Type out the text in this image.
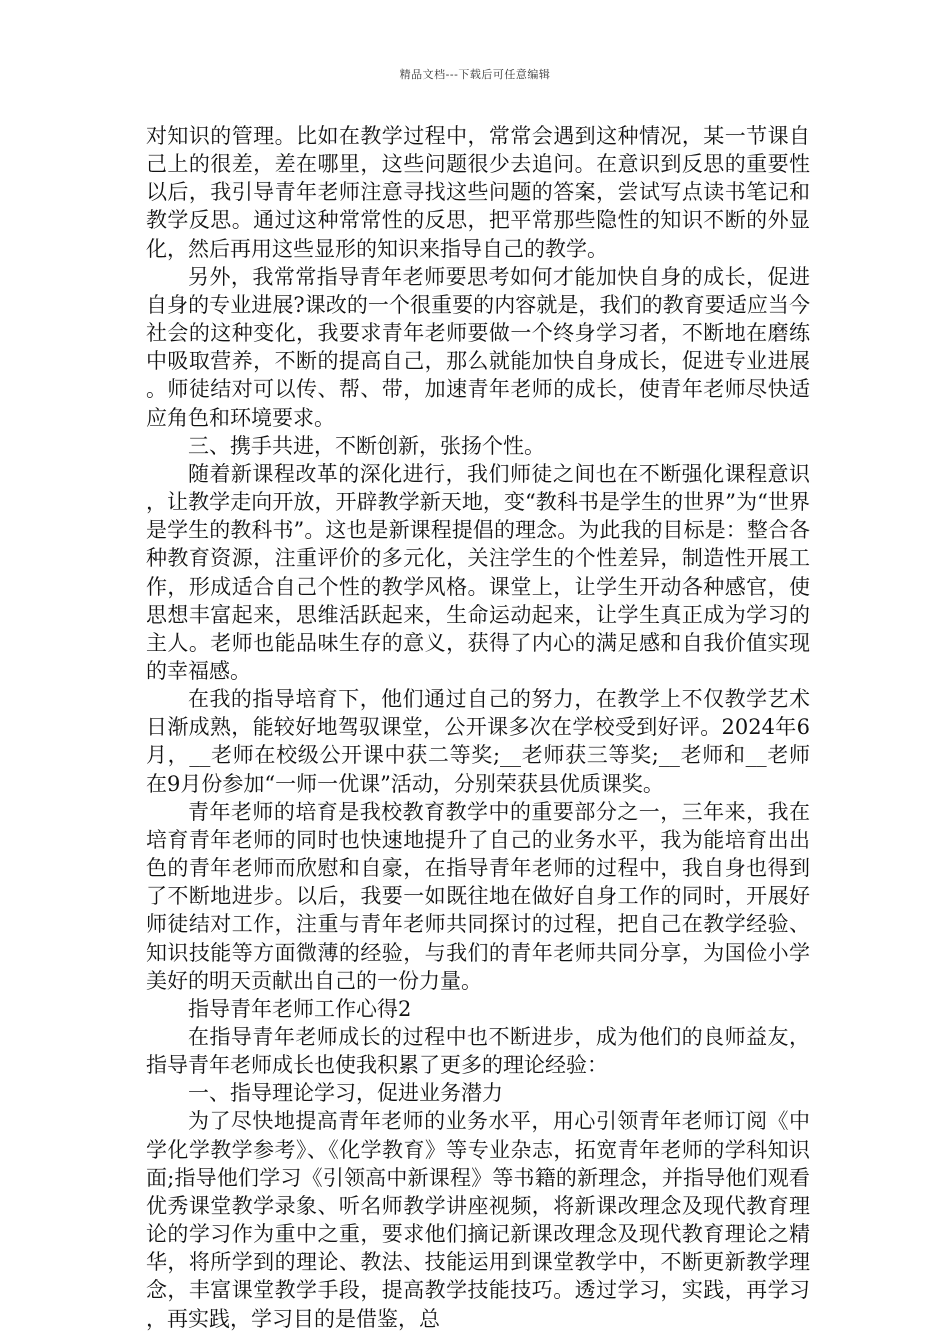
精品文档---下载后可任意编辑

对知识的管理。比如在教学过程中，常常会遇到这种情况，某一节课自己上的很差，差在哪里，这些问题很少去追问。在意识到反思的重要性以后，我引导青年老师注意寻找这些问题的答案，尝试写点读书笔记和教学反思。通过这种常常性的反思，把平常那些隐性的知识不断的外显化，然后再用这些显形的知识来指导自己的教学。

另外，我常常指导青年老师要思考如何才能加快自身的成长，促进自身的专业进展?课改的一个很重要的内容就是，我们的教育要适应当今社会的这种变化，我要求青年老师要做一个终身学习者，不断地在磨练中吸取营养，不断的提高自己，那么就能加快自身成长，促进专业进展。师徒结对可以传、帮、带，加速青年老师的成长，使青年老师尽快适应角色和环境要求。

三、携手共进，不断创新，张扬个性。

随着新课程改革的深化进行，我们师徒之间也在不断强化课程意识，让教学走向开放，开辟教学新天地，变“教科书是学生的世界”为“世界是学生的教科书”。这也是新课程提倡的理念。为此我的目标是：整合各种教育资源，注重评价的多元化，关注学生的个性差异，制造性开展工作，形成适合自己个性的教学风格。课堂上，让学生开动各种感官，使思想丰富起来，思维活跃起来，生命运动起来，让学生真正成为学习的主人。老师也能品味生存的意义，获得了内心的满足感和自我价值实现的幸福感。

在我的指导培育下，他们通过自己的努力，在教学上不仅教学艺术日渐成熟，能较好地驾驭课堂，公开课多次在学校受到好评。2024年6月，__老师在校级公开课中获二等奖;__老师获三等奖;__老师和__老师在9月份参加“一师一优课”活动，分别荣获县优质课奖。

青年老师的培育是我校教育教学中的重要部分之一，三年来，我在培育青年老师的同时也快速地提升了自己的业务水平，我为能培育出出色的青年老师而欣慰和自豪，在指导青年老师的过程中，我自身也得到了不断地进步。以后，我要一如既往地在做好自身工作的同时，开展好师徒结对工作，注重与青年老师共同探讨的过程，把自己在教学经验、知识技能等方面微薄的经验，与我们的青年老师共同分享，为国俭小学美好的明天贡献出自己的一份力量。

指导青年老师工作心得2

在指导青年老师成长的过程中也不断进步，成为他们的良师益友，指导青年老师成长也使我积累了更多的理论经验：

一、指导理论学习，促进业务潜力

为了尽快地提高青年老师的业务水平，用心引领青年老师订阅《中学化学教学参考》、《化学教育》等专业杂志，拓宽青年老师的学科知识面;指导他们学习《引领高中新课程》等书籍的新理念，并指导他们观看优秀课堂教学录象、听名师教学讲座视频，将新课改理念及现代教育理论的学习作为重中之重，要求他们摘记新课改理念及现代教育理论之精华，将所学到的理论、教法、技能运用到课堂教学中，不断更新教学理念，丰富课堂教学手段，提高教学技能技巧。透过学习，实践，再学习，再实践，学习目的是借鉴，总
